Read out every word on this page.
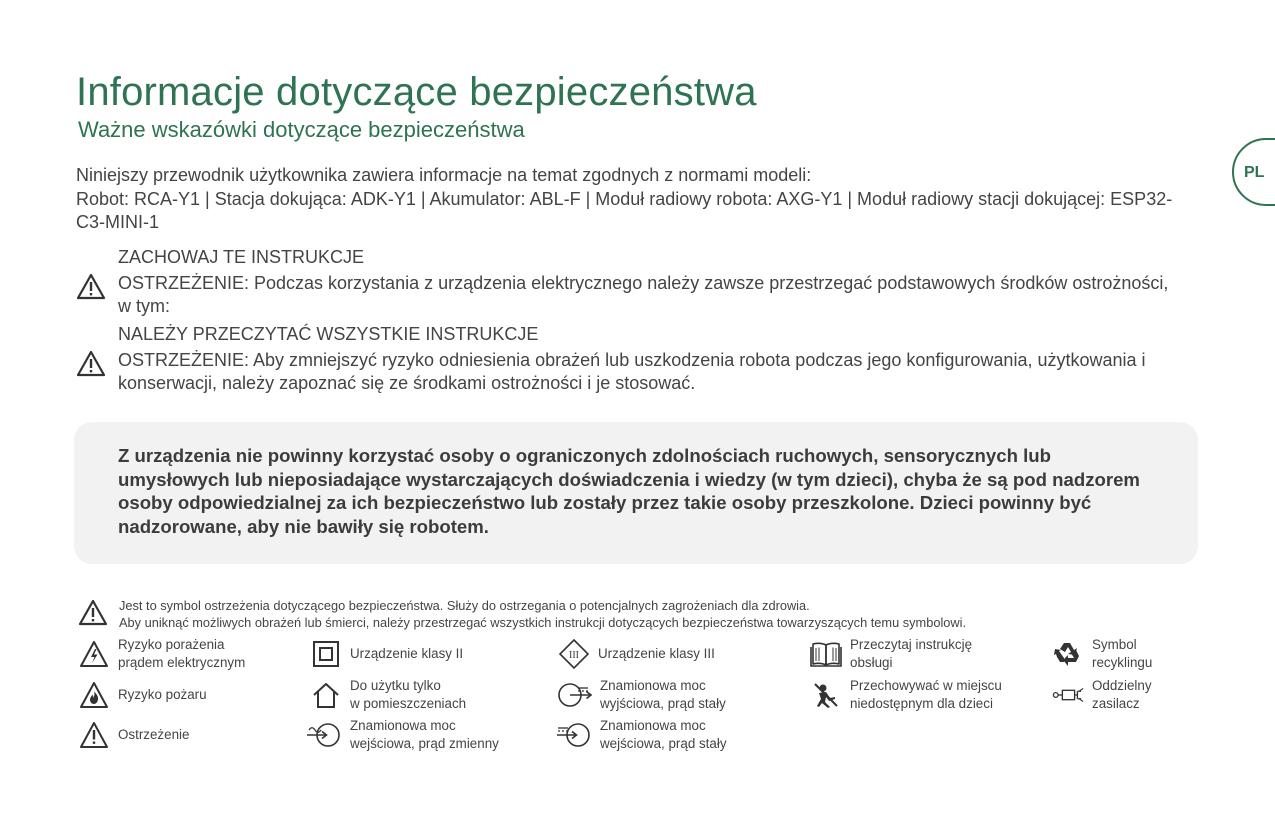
Informacje dotyczące bezpieczeństwa
Ważne wskazówki dotyczące bezpieczeństwa
PL

Niniejszy przewodnik użytkownika zawiera informacje na temat zgodnych z normami modeli:

Robot: RCA-Y1 | Stacja dokująca: ADK-Y1 | Akumulator: ABL-F | Moduł radiowy robota: AXG-Y1 | Moduł radiowy stacji dokującej: ESP32-C3-MINI-1

ZACHOWAJ TE INSTRUKCJE

OSTRZEŻENIE: Podczas korzystania z urządzenia elektrycznego należy zawsze przestrzegać podstawowych środków ostrożności, w tym:

NALEŻY PRZECZYTAĆ WSZYSTKIE INSTRUKCJE

OSTRZEŻENIE: Aby zmniejszyć ryzyko odniesienia obrażeń lub uszkodzenia robota podczas jego konfigurowania, użytkowania i konserwacji, należy zapoznać się ze środkami ostrożności i je stosować.
Z urządzenia nie powinny korzystać osoby o ograniczonych zdolnościach ruchowych, sensorycznych lub umysłowych lub nieposiadające wystarczających doświadczenia i wiedzy (w tym dzieci), chyba że są pod nadzorem osoby odpowiedzialnej za ich bezpieczeństwo lub zostały przez takie osoby przeszkolone. Dzieci powinny być nadzorowane, aby nie bawiły się robotem.
Jest to symbol ostrzeżenia dotyczącego bezpieczeństwa. Służy do ostrzegania o potencjalnych zagrożeniach dla zdrowia.
Aby uniknąć możliwych obrażeń lub śmierci, należy przestrzegać wszystkich instrukcji dotyczących bezpieczeństwa towarzyszących temu symbolowi.
Ryzyko porażenia
prądem elektrycznym
Ryzyko pożaru
Ostrzeżenie
Urządzenie klasy II
Do użytku tylko
w pomieszczeniach
Znamionowa moc
wejściowa, prąd zmienny
III Urządzenie klasy III
Znamionowa moc
wyjściowa, prąd stały
Znamionowa moc
wejściowa, prąd stały
Przeczytaj instrukcję
obsługi
Przechowywać w miejscu
niedostępnym dla dzieci
Symbol
recyklingu
Oddzielny
zasilacz
